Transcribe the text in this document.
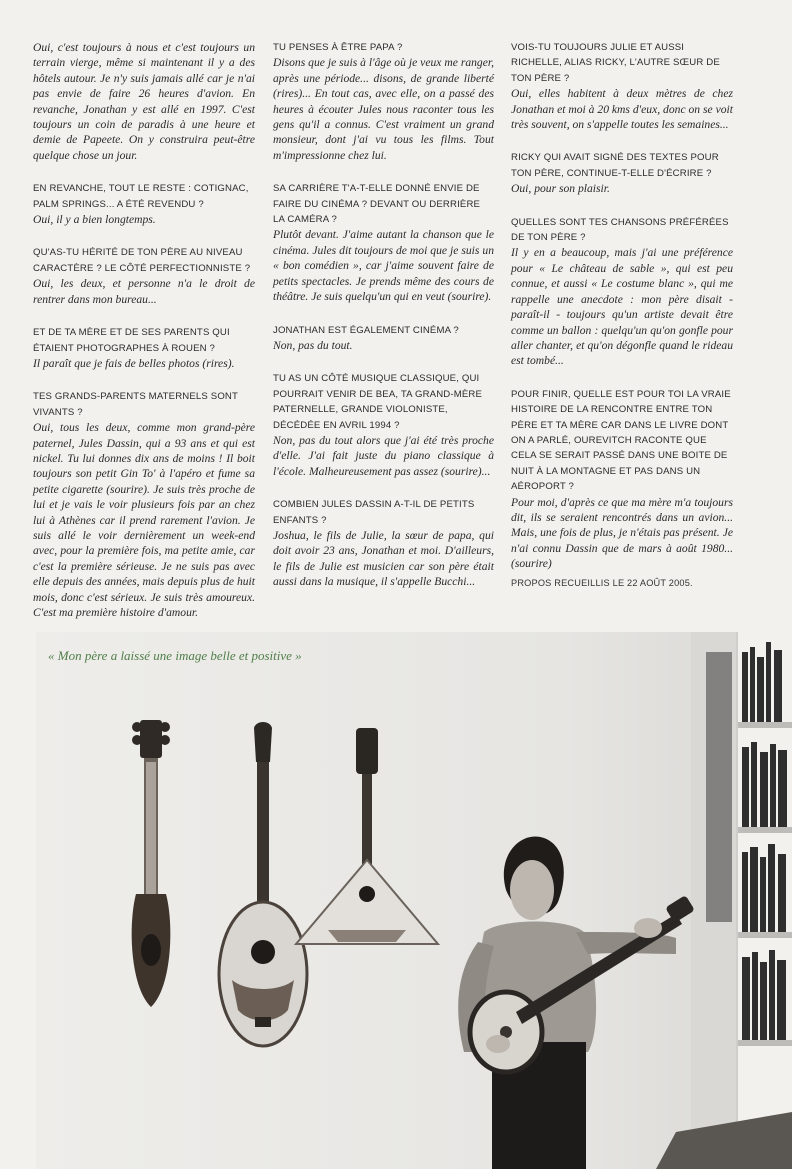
Oui, c'est toujours à nous et c'est toujours un terrain vierge, même si maintenant il y a des hôtels autour. Je n'y suis jamais allé car je n'ai pas envie de faire 26 heures d'avion. En revanche, Jonathan y est allé en 1997. C'est toujours un coin de paradis à une heure et demie de Papeete. On y construira peut-être quelque chose un jour.
EN REVANCHE, TOUT LE RESTE : COTIGNAC, PALM SPRINGS... A ÉTÉ REVENDU ?
Oui, il y a bien longtemps.
QU'AS-TU HÉRITÉ DE TON PÈRE AU NIVEAU CARACTÈRE ? LE CÔTÉ PERFECTIONNISTE ?
Oui, les deux, et personne n'a le droit de rentrer dans mon bureau...
ET DE TA MÈRE ET DE SES PARENTS QUI ÉTAIENT PHOTOGRAPHES À ROUEN ?
Il paraît que je fais de belles photos (rires).
TES GRANDS-PARENTS MATERNELS SONT VIVANTS ?
Oui, tous les deux, comme mon grand-père paternel, Jules Dassin, qui a 93 ans et qui est nickel. Tu lui donnes dix ans de moins ! Il boit toujours son petit Gin To' à l'apéro et fume sa petite cigarette (sourire). Je suis très proche de lui et je vais le voir plusieurs fois par an chez lui à Athènes car il prend rarement l'avion. Je suis allé le voir dernièrement un week-end avec, pour la première fois, ma petite amie, car c'est la première sérieuse. Je ne suis pas avec elle depuis des années, mais depuis plus de huit mois, donc c'est sérieux. Je suis très amoureux. C'est ma première histoire d'amour.
TU PENSES À ÊTRE PAPA ?
Disons que je suis à l'âge où je veux me ranger, après une période... disons, de grande liberté (rires)... En tout cas, avec elle, on a passé des heures à écouter Jules nous raconter tous les gens qu'il a connus. C'est vraiment un grand monsieur, dont j'ai vu tous les films. Tout m'impressionne chez lui.
SA CARRIÈRE T'A-T-ELLE DONNÉ ENVIE DE FAIRE DU CINÉMA ? DEVANT OU DERRIÈRE LA CAMÉRA ?
Plutôt devant. J'aime autant la chanson que le cinéma. Jules dit toujours de moi que je suis un « bon comédien », car j'aime souvent faire de petits spectacles. Je prends même des cours de théâtre. Je suis quelqu'un qui en veut (sourire).
JONATHAN EST ÉGALEMENT CINÉMA ?
Non, pas du tout.
TU AS UN CÔTÉ MUSIQUE CLASSIQUE, QUI POURRAIT VENIR DE BEA, TA GRAND-MÈRE PATERNELLE, GRANDE VIOLONISTE, DÉCÉDÉE EN AVRIL 1994 ?
Non, pas du tout alors que j'ai été très proche d'elle. J'ai fait juste du piano classique à l'école. Malheureusement pas assez (sourire)...
COMBIEN JULES DASSIN A-T-IL DE PETITS ENFANTS ?
Joshua, le fils de Julie, la sœur de papa, qui doit avoir 23 ans, Jonathan et moi. D'ailleurs, le fils de Julie est musicien car son père était aussi dans la musique, il s'appelle Bucchi...
VOIS-TU TOUJOURS JULIE ET AUSSI RICHELLE, ALIAS RICKY, L'AUTRE SŒUR DE TON PÈRE ?
Oui, elles habitent à deux mètres de chez Jonathan et moi à 20 kms d'eux, donc on se voit très souvent, on s'appelle toutes les semaines...
RICKY QUI AVAIT SIGNÉ DES TEXTES POUR TON PÈRE, CONTINUE-T-ELLE D'ÉCRIRE ?
Oui, pour son plaisir.
QUELLES SONT TES CHANSONS PRÉFÉRÉES DE TON PÈRE ?
Il y en a beaucoup, mais j'ai une préférence pour « Le château de sable », qui est peu connue, et aussi « Le costume blanc », qui me rappelle une anecdote : mon père disait - paraît-il - toujours qu'un artiste devait être comme un ballon : quelqu'un qu'on gonfle pour aller chanter, et qu'on dégonfle quand le rideau est tombé...
POUR FINIR, QUELLE EST POUR TOI LA VRAIE HISTOIRE DE LA RENCONTRE ENTRE TON PÈRE ET TA MÈRE CAR DANS LE LIVRE DONT ON A PARLÉ, OUREVITCH RACONTE QUE CELA SE SERAIT PASSÉ DANS UNE BOITE DE NUIT À LA MONTAGNE ET PAS DANS UN AÉROPORT ?
Pour moi, d'après ce que ma mère m'a toujours dit, ils se seraient rencontrés dans un avion... Mais, une fois de plus, je n'étais pas présent. Je n'ai connu Dassin que de mars à août 1980... (sourire)
PROPOS RECUEILLIS LE 22 AOÛT 2005.
« Mon père a laissé une image belle et positive »
